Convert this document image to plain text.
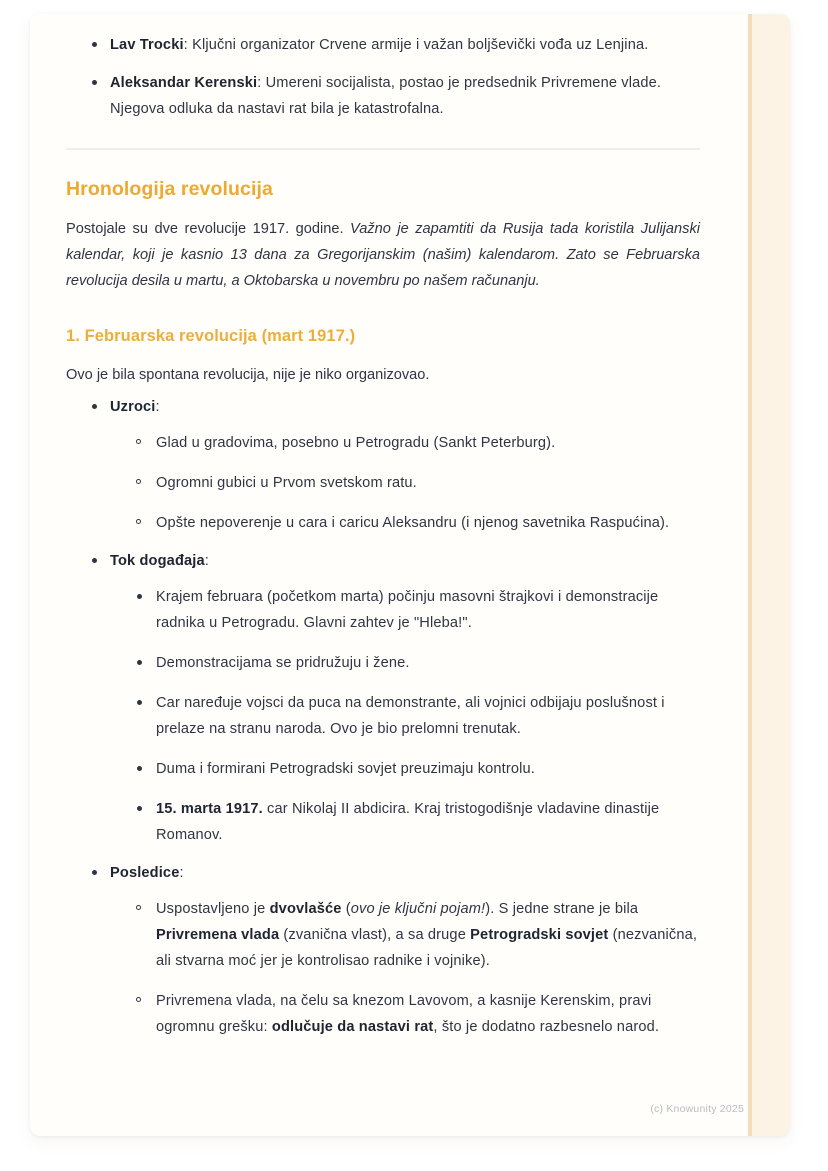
Lav Trocki: Ključni organizator Crvene armije i važan boljševički vođa uz Lenjina.
Aleksandar Kerenski: Umereni socijalista, postao je predsednik Privremene vlade. Njegova odluka da nastavi rat bila je katastrofalna.
Hronologija revolucija

Postojale su dve revolucije 1917. godine. Važno je zapamtiti da Rusija tada koristila Julijanski kalendar, koji je kasnio 13 dana za Gregorijanskim (našim) kalendarom. Zato se Februarska revolucija desila u martu, a Oktobarska u novembru po našem računanju.

1. Februarska revolucija (mart 1917.)

Ovo je bila spontana revolucija, nije je niko organizovao.

Uzroci:
Glad u gradovima, posebno u Petrogradu (Sankt Peterburg).
Ogromni gubici u Prvom svetskom ratu.
Opšte nepoverenje u cara i caricu Aleksandru (i njenog savetnika Raspućina).
Tok događaja:
Krajem februara (početkom marta) počinju masovni štrajkovi i demonstracije radnika u Petrogradu. Glavni zahtev je "Hleba!".
Demonstracijama se pridružuju i žene.
Car naređuje vojsci da puca na demonstrante, ali vojnici odbijaju poslušnost i prelaze na stranu naroda. Ovo je bio prelomni trenutak.
Duma i formirani Petrogradski sovjet preuzimaju kontrolu.
15. marta 1917. car Nikolaj II abdicira. Kraj tristogodišnje vladavine dinastije Romanov.
Posledice:
Uspostavljeno je dvovlašće (ovo je ključni pojam!). S jedne strane je bila Privremena vlada (zvanična vlast), a sa druge Petrogradski sovjet (nezvanična, ali stvarna moć jer je kontrolisao radnike i vojnike).
Privremena vlada, na čelu sa knezom Lavovom, a kasnije Kerenskim, pravi ogromnu grešku: odlučuje da nastavi rat, što je dodatno razbesnelo narod.
(c) Knowunity 2025
